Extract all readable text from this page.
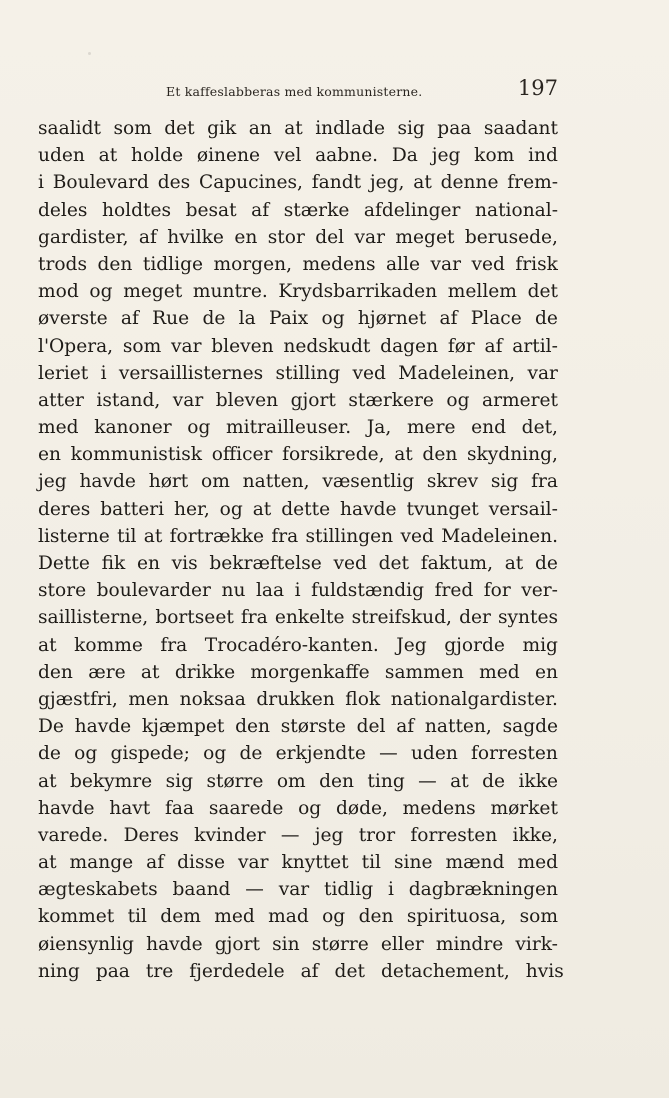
Et kaffeslabberas med kommunisterne.	197
saalidt som det gik an at indlade sig paa saadant
uden at holde øinene vel aabne. Da jeg kom ind
i Boulevard des Capucines, fandt jeg, at denne frem-
deles holdtes besat af stærke afdelinger national-
gardister, af hvilke en stor del var meget berusede,
trods den tidlige morgen, medens alle var ved frisk
mod og meget muntre. Krydsbarrikaden mellem det
øverste af Rue de la Paix og hjørnet af Place de
l'Opera, som var bleven nedskudt dagen før af artil-
leriet i versaillisternes stilling ved Madeleinen, var
atter istand, var bleven gjort stærkere og armeret
med kanoner og mitrailleuser. Ja, mere end det,
en kommunistisk officer forsikrede, at den skydning,
jeg havde hørt om natten, væsentlig skrev sig fra
deres batteri her, og at dette havde tvunget versail-
listerne til at fortrække fra stillingen ved Madeleinen.
Dette fik en vis bekræftelse ved det faktum, at de
store boulevarder nu laa i fuldstændig fred for ver-
saillisterne, bortseet fra enkelte streifskud, der syntes
at komme fra Trocadéro-kanten. Jeg gjorde mig
den ære at drikke morgenkaffe sammen med en
gjæstfri, men noksaa drukken flok nationalgardister.
De havde kjæmpet den største del af natten, sagde
de og gispede; og de erkjendte — uden forresten
at bekymre sig større om den ting — at de ikke
havde havt faa saarede og døde, medens mørket
varede. Deres kvinder — jeg tror forresten ikke,
at mange af disse var knyttet til sine mænd med
ægteskabets baand — var tidlig i dagbrækningen
kommet til dem med mad og den spirituosa, som
øiensynlig havde gjort sin større eller mindre virk-
ning paa tre fjerdedele af det detachement, hvis
